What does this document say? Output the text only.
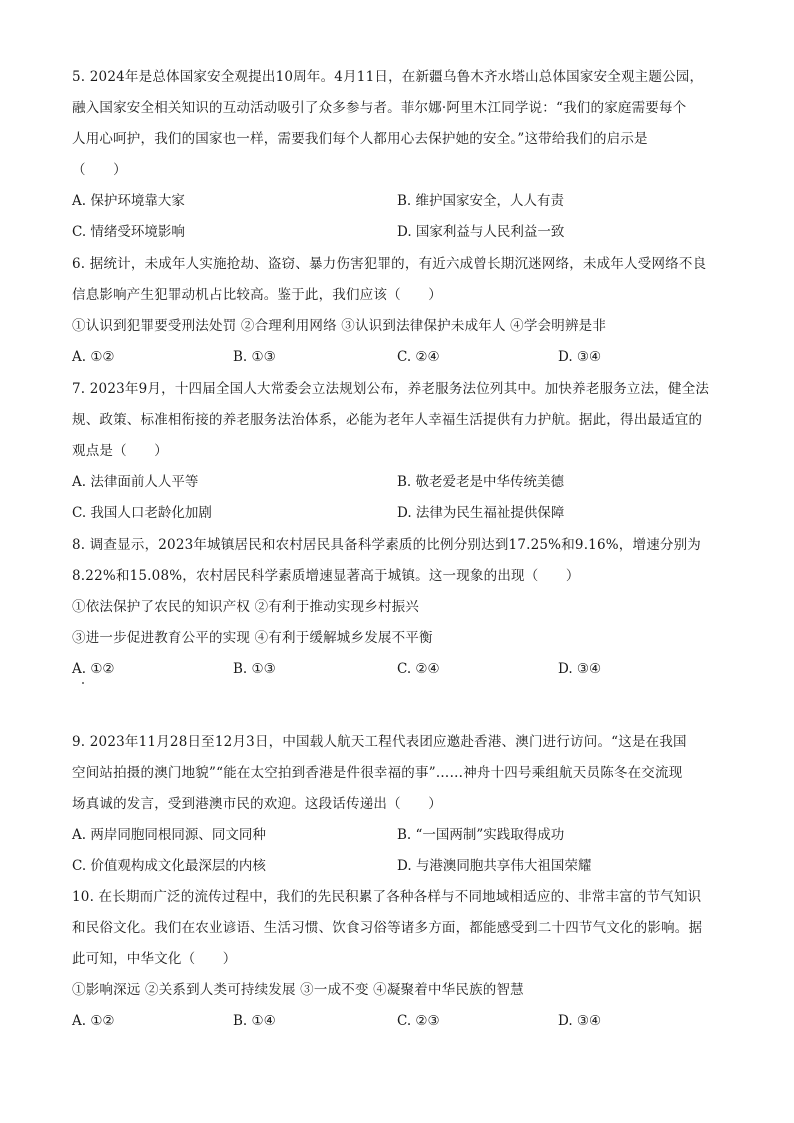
5. 2024年是总体国家安全观提出10周年。4月11日，在新疆乌鲁木齐水塔山总体国家安全观主题公园，
融入国家安全相关知识的互动活动吸引了众多参与者。菲尔娜·阿里木江同学说：“我们的家庭需要每个
人用心呵护，我们的国家也一样，需要我们每个人都用心去保护她的安全。”这带给我们的启示是
（　　）
A. 保护环境靠大家	B. 维护国家安全，人人有责
C. 情绪受环境影响	D. 国家利益与人民利益一致
6. 据统计，未成年人实施抢劫、盗窃、暴力伤害犯罪的，有近六成曾长期沉迷网络，未成年人受网络不良
信息影响产生犯罪动机占比较高。鉴于此，我们应该（　　）
①认识到犯罪要受刑法处罚 ②合理利用网络 ③认识到法律保护未成年人 ④学会明辨是非
A. ①②	B. ①③	C. ②④	D. ③④
7. 2023年9月，十四届全国人大常委会立法规划公布，养老服务法位列其中。加快养老服务立法，健全法
规、政策、标准相衔接的养老服务法治体系，必能为老年人幸福生活提供有力护航。据此，得出最适宜的
观点是（　　）
A. 法律面前人人平等	B. 敬老爱老是中华传统美德
C. 我国人口老龄化加剧	D. 法律为民生福祉提供保障
8. 调查显示，2023年城镇居民和农村居民具备科学素质的比例分别达到17.25%和9.16%，增速分别为
8.22%和15.08%，农村居民科学素质增速显著高于城镇。这一现象的出现（　　）
①依法保护了农民的知识产权 ②有利于推动实现乡村振兴
③进一步促进教育公平的实现 ④有利于缓解城乡发展不平衡
A. ①②	B. ①③	C. ②④	D. ③④
9. 2023年11月28日至12月3日，中国载人航天工程代表团应邀赴香港、澳门进行访问。“这是在我国
空间站拍摄的澳门地貌”“能在太空拍到香港是件很幸福的事”……神舟十四号乘组航天员陈冬在交流现
场真诚的发言，受到港澳市民的欢迎。这段话传递出（　　）
A. 两岸同胞同根同源、同文同种	B. “一国两制”实践取得成功
C. 价值观构成文化最深层的内核	D. 与港澳同胞共享伟大祖国荣耀
10. 在长期而广泛的流传过程中，我们的先民积累了各种各样与不同地域相适应的、非常丰富的节气知识
和民俗文化。我们在农业谚语、生活习惯、饮食习俗等诸多方面，都能感受到二十四节气文化的影响。据
此可知，中华文化（　　）
①影响深远 ②关系到人类可持续发展 ③一成不变 ④凝聚着中华民族的智慧
A. ①②	B. ①④	C. ②③	D. ③④
